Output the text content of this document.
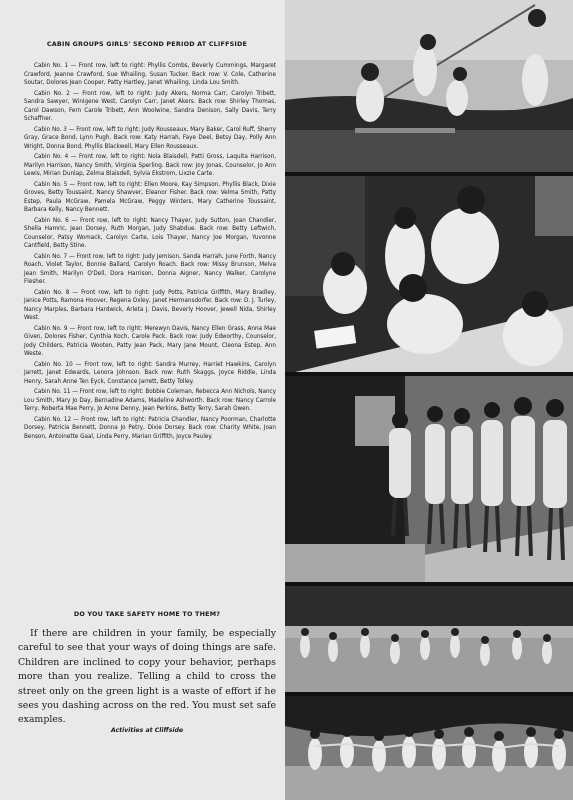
CABIN GROUPS GIRLS' SECOND PERIOD AT CLIFFSIDE

Cabin No. 1 — Front row, left to right: Phyllis Combs, Beverly Cummings, Margaret Crawford, Jeanne Crawford, Sue Whailing, Susan Tucker. Back row: V. Cole, Catherine Soutar, Dolores Jean Cooper, Patty Hartley, Janet Whailing, Linda Lou Smith.

Cabin No. 2 — Front row, left to right: Judy Akers, Norma Carr, Carolyn Tribett, Sandra Sawyer, Winigene West, Carolyn Carr, Janet Akers. Back row: Shirley Thomas, Carol Dawson, Fern Carole Tribett, Ann Woolwine, Sandra Denison, Sally Davis, Terry Schaffner.

Cabin No. 3 — Front row, left to right: Judy Rousseaux, Mary Baker, Carol Ruff, Sherry Gray, Grace Bond, Lynn Pugh. Back row: Katy Harrah, Faye Deel, Betsy Day, Polly Ann Wright, Donna Bond, Phyllis Blackwell, Mary Ellen Rousseaux.

Cabin No. 4 — Front row, left to right: Nola Blaisdell, Patti Gross, Laquita Harrison, Marilyn Harrison, Nancy Smith, Virginia Sperling. Back row: Joy Jonas, Counselor, Jo Ann Lewis, Mirian Dunlap, Zelma Blaisdell, Sylvia Ekstrom, Lixzie Carte.

Cabin No. 5 — Front row, left to right: Ellen Moore, Kay Simpson, Phyllis Black, Dixie Groves, Betty Toussaint, Nancy Shawver, Eleanor Fisher. Back row: Velma Smith, Patty Estep, Paula McGraw, Pamela McGraw, Peggy Winters, Mary Catherine Toussaint, Barbara Kelly, Nancy Bennett.

Cabin No. 6 — Front row, left to right: Nancy Thayer, Judy Sutton, Joan Chandler, Shella Hamric, Jean Dorsey, Ruth Morgan, Judy Shabdue. Back row: Betty Leftwich, Counselor, Patsy Womack, Carolyn Carte, Lois Thayer, Nancy Joe Morgan, Yuvonne Cantfield, Betty Stine.

Cabin No. 7 — Front row, left to right: Judy Jemison, Sanda Harrah, June Forth, Nancy Roach, Violet Taylor, Bonnie Ballard, Carolyn Roach. Back row: Missy Brunson, Melva Jean Smith, Marilyn O'Dell, Dora Harrison, Donna Aigner, Nancy Walker, Carolyne Flesher.

Cabin No. 8 — Front row, left to right: Judy Potts, Patricia Griffith, Mary Bradley, Janice Potts, Ramona Hoover, Regena Oxley, Janet Hermansdorfer. Back row: D. J. Turley, Nancy Marples, Barbara Hardwick, Arleta J. Davis, Beverly Hoover, Jewell Nida, Shirley West.

Cabin No. 9 — Front row, left to right: Merewyn Davis, Nancy Ellen Grass, Anna Mae Given, Dolores Fisher, Cynthia Koch, Carole Pack. Back row: Judy Edworthy, Counselor, Jody Childers, Patricia Wooten, Patty Jean Pack, Mary Jane Mount, Cleona Estep, Ann Weste.

Cabin No. 10 — Front row, left to right: Sandra Murrey, Harriet Hawkins, Carolyn Jarrett, Janet Edwards, Lenora Johnson. Back row: Ruth Skaggs, Joyce Riddle, Linda Henry, Sarah Anne Ten Eyck, Constance Jarrett, Betty Tolley.

Cabin No. 11 — Front row, left to right: Bobbie Coleman, Rebecca Ann Nichols, Nancy Lou Smith, Mary Jo Day, Bernadine Adams, Madeline Ashworth. Back row: Nancy Carrole Terry, Roberta Mae Perry, Jo Anne Denny, Jean Perkins, Betty Terry, Sarah Owen.

Cabin No. 12 — Front row, left to right: Patricia Chandler, Nancy Poorman, Charlotte Dorsey, Patricia Bennett, Donna Jo Petry, Dixie Dorsey. Back row: Charity White, Joan Benson, Antoinette Gaal, Linda Perry, Marian Griffith, Joyce Pauley.

DO YOU TAKE SAFETY HOME TO THEM?

If there are children in your family, be especially careful to see that your ways of doing things are safe. Children are inclined to copy your behavior, perhaps more than you realize. Telling a child to cross the street only on the green light is a waste of effort if he sees you dashing across on the red. You must set safe examples.

Activities at Cliffside
